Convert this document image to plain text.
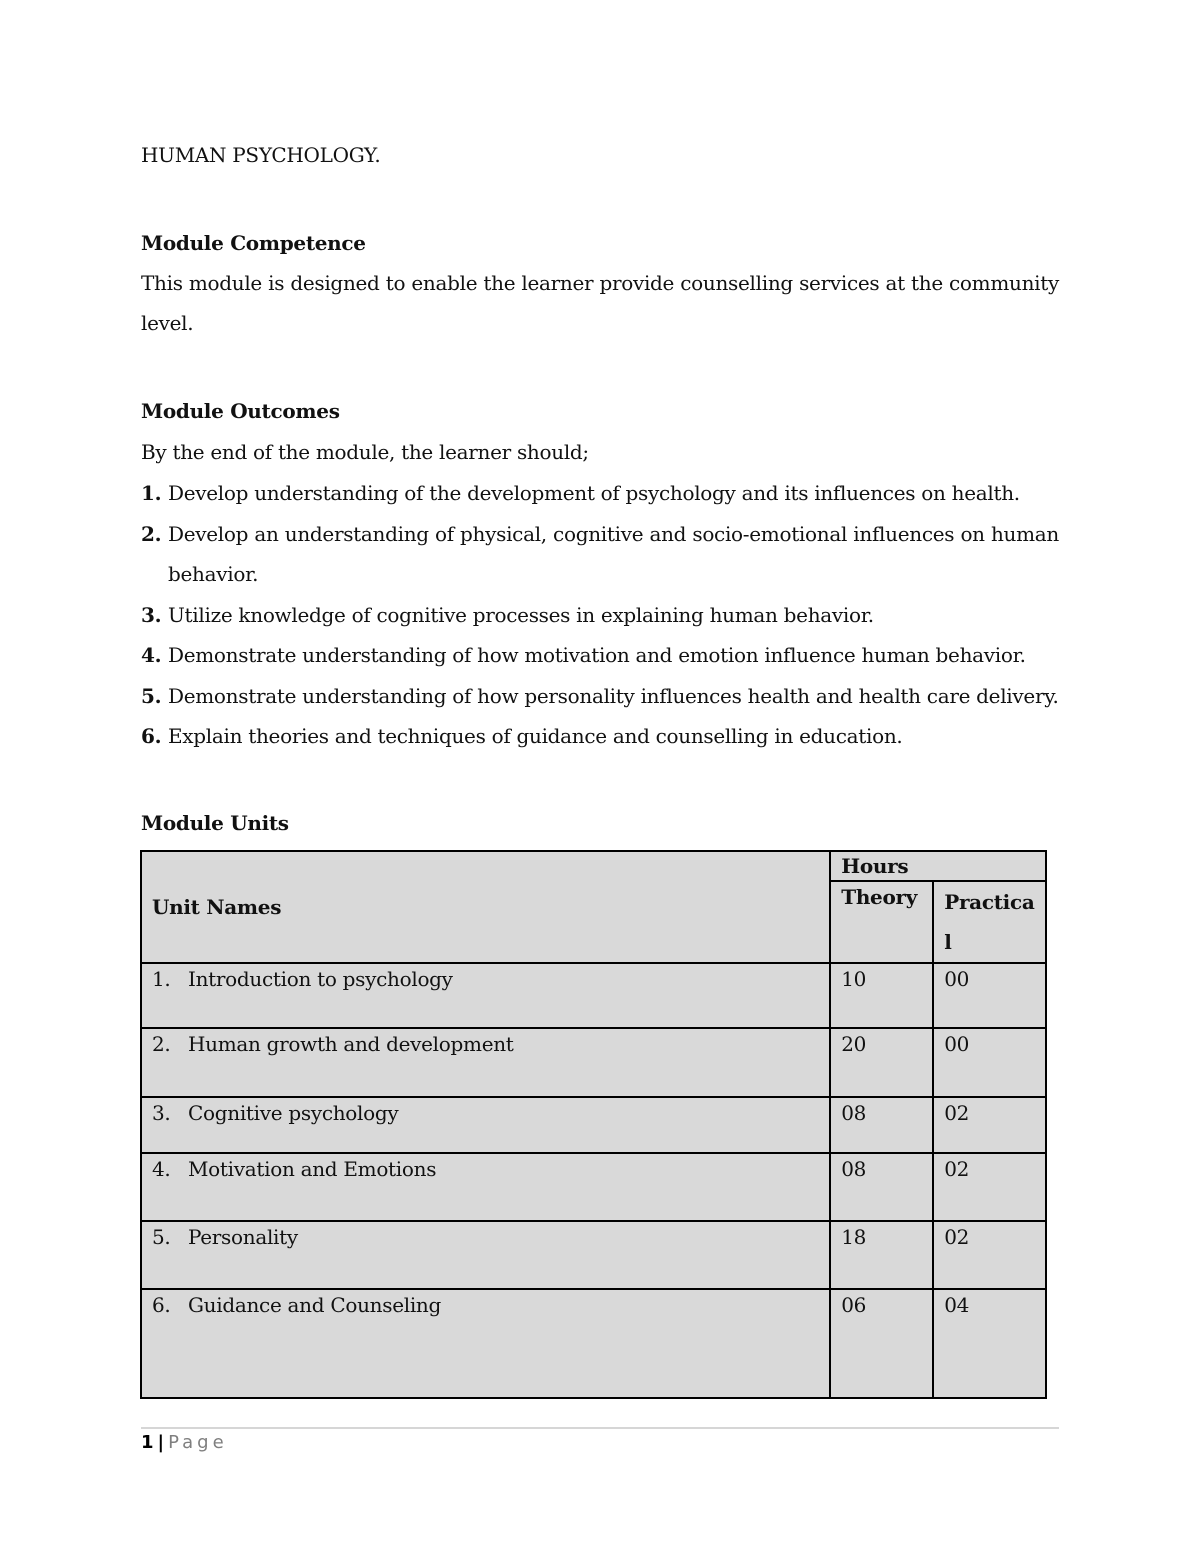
HUMAN PSYCHOLOGY.
Module Competence
This module is designed to enable the learner provide counselling services at the community level.
Module Outcomes
By the end of the module, the learner should;
1. Develop understanding of the development of psychology and its influences on health.
2. Develop an understanding of physical, cognitive and socio-emotional influences on human behavior.
3. Utilize knowledge of cognitive processes in explaining human behavior.
4. Demonstrate understanding of how motivation and emotion influence human behavior.
5. Demonstrate understanding of how personality influences health and health care delivery.
6. Explain theories and techniques of guidance and counselling in education.
Module Units
Unit Names	Hours	
	Theory	Practica l

1. Introduction to psychology	10	00

2. Human growth and development	20	00

3. Cognitive psychology	08	02

4. Motivation and Emotions	08	02

5. Personality	18	02

6. Guidance and Counseling	06	04
1 | Page
